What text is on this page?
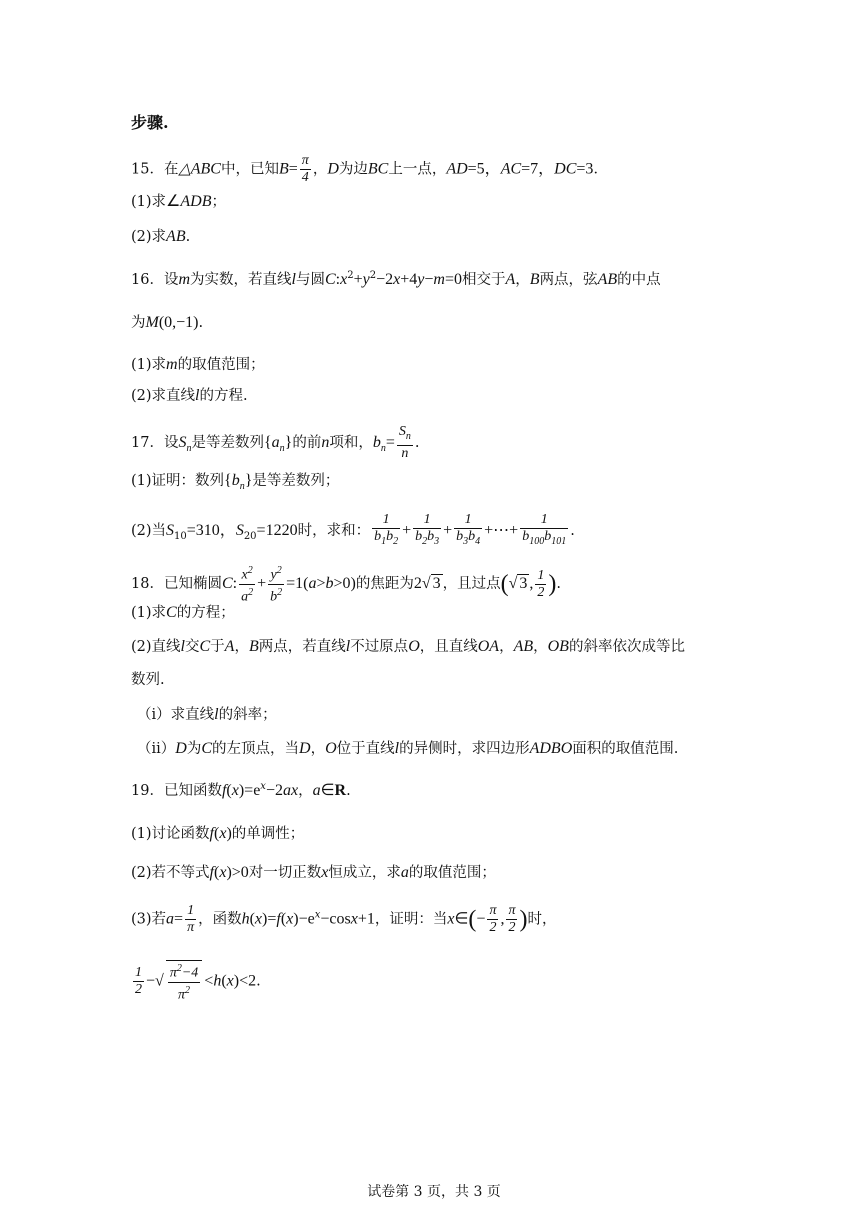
步骤.
15．在△ABC中，已知$B= \frac{\pi}{4}$ ，D为边BC上一点，AD=5，AC=7，DC=3．
(1)求∠ADB；
(2)求AB.
16．设m为实数，若直线l与圆$C:x^2+y^2-2x+4y-m=0$相交于A，B两点，弦AB的中点
为M(0,−1).
(1)求m的取值范围；
(2)求直线l的方程.
17．设$S_n$是等差数列$\{a_n\}$的前n项和，$b_n= \frac{S_n}{n}$ .
(1)证明：数列$\{b_n\}$是等差数列；
(2)当$S_{10}=310$，$S_{20}=1220$时，求和： $\frac{1}{b_1b_2} + \frac{1}{b_2b_3} + \frac{1}{b_3b_4}$ +⋯+ $\frac{1}{b_{100}b_{101}}$ .
18．已知椭圆C: $\frac{x^2}{a^2} + \frac{y^2}{b^2} =1(a>b>0)$的焦距为2√ 3 ，且过点(√ 3 , $\frac{1}{2}$ ).
(1)求C的方程；
(2)直线l交C于A，B两点，若直线l不过原点O，且直线OA，AB，OB的斜率依次成等比
数列.
（i）求直线l的斜率；
（ii）D为C的左顶点，当D，O位于直线l的异侧时，求四边形ADBO面积的取值范围.
19．已知函数$f(x)=e^x-2ax$，a∈R.
(1)讨论函数f(x)的单调性；
(2)若不等式f(x)>0对一切正数x恒成立，求a的取值范围；
(3)若$a= \frac{1}{\pi}$ ，函数$h(x)=f(x)-e^x-\cos x+1$，证明：当x∈(− $\frac{\pi}{2}$ , $\frac{\pi}{2}$ )时，
$\frac{1}{2}$ −√ $\frac{\pi^2-4}{\pi^2} <h(x)<2$.
试卷第 3 页，共 3 页
